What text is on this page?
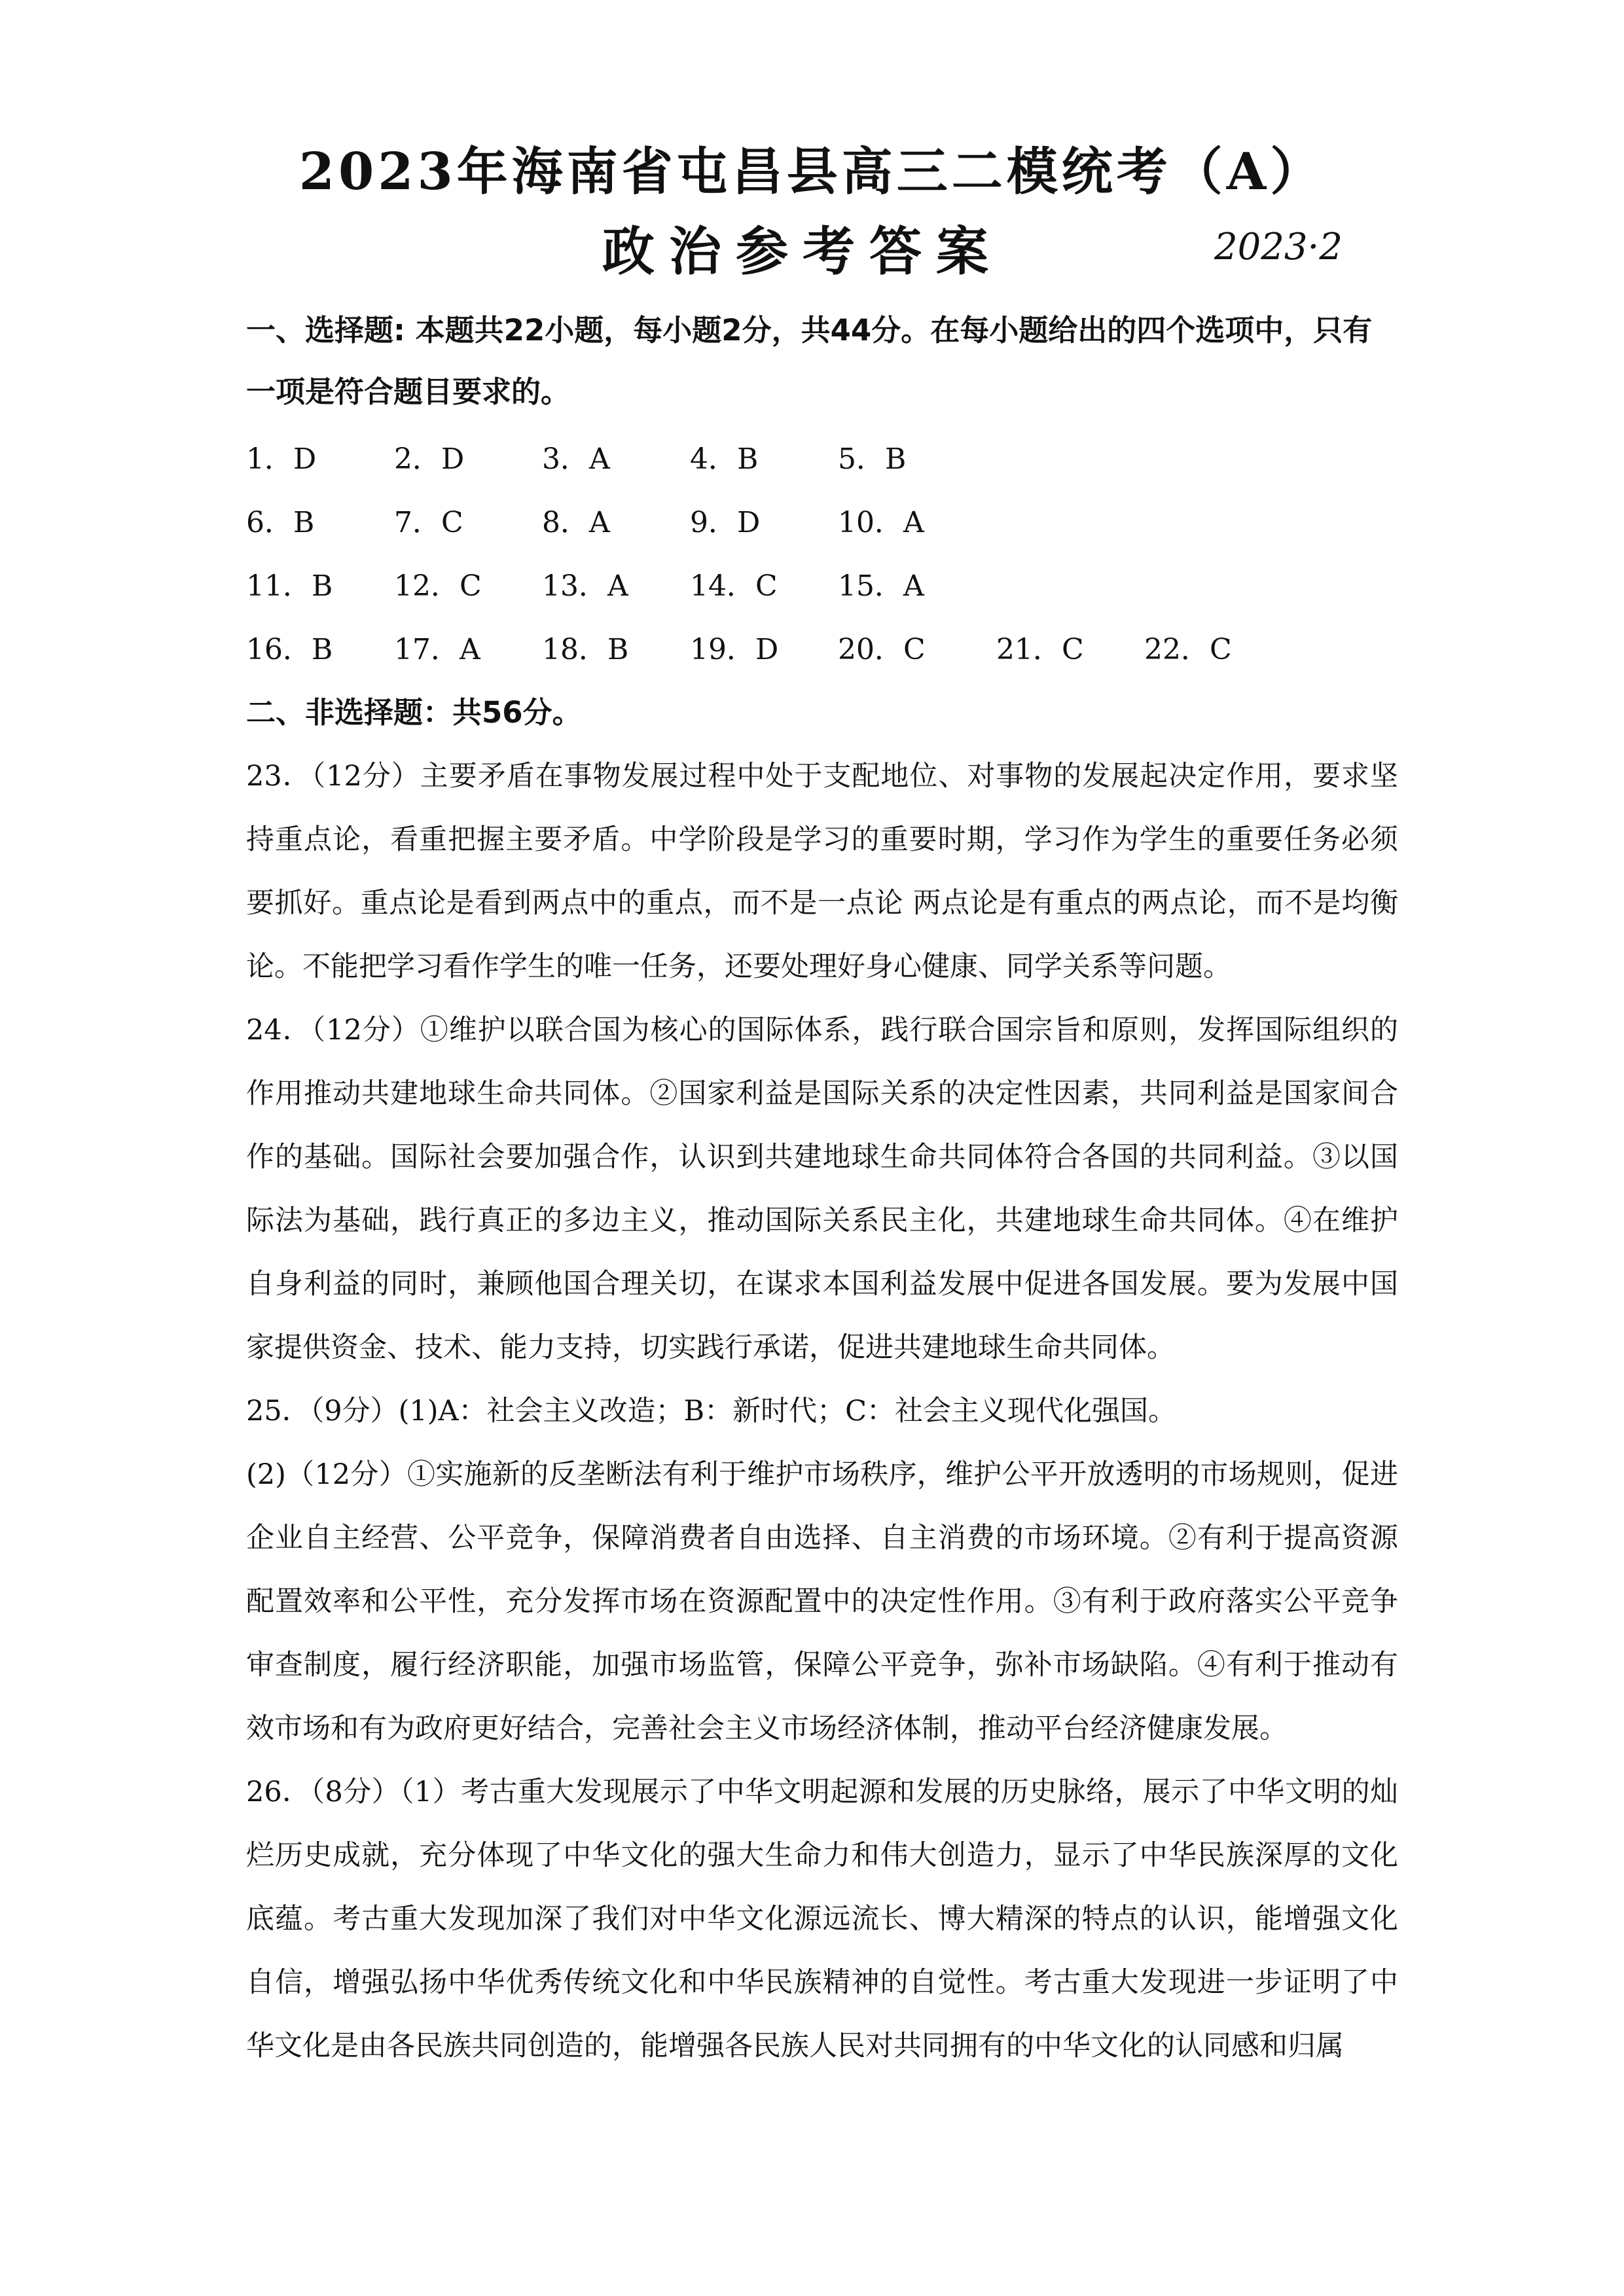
2023年海南省屯昌县高三二模统考（A）
政治参考答案	2023·2
一、选择题: 本题共22小题，每小题2分，共44分。在每小题给出的四个选项中，只有一项是符合题目要求的。
1．D	2．D	3．A	4．B	5．B
6．B	7．C	8．A	9．D	10．A
11．B 12．C 13．A 14．C 15．A
16．B 17．A 18．B 19．D 20．C 21．C 22．C
二、非选择题：共56分。

23．（12分）主要矛盾在事物发展过程中处于支配地位、对事物的发展起决定作用，要求坚持重点论，看重把握主要矛盾。中学阶段是学习的重要时期，学习作为学生的重要任务必须要抓好。重点论是看到两点中的重点，而不是一点论 两点论是有重点的两点论，而不是均衡论。不能把学习看作学生的唯一任务，还要处理好身心健康、同学关系等问题。

24．（12分）①维护以联合国为核心的国际体系，践行联合国宗旨和原则，发挥国际组织的作用推动共建地球生命共同体。②国家利益是国际关系的决定性因素，共同利益是国家间合作的基础。国际社会要加强合作，认识到共建地球生命共同体符合各国的共同利益。③以国际法为基础，践行真正的多边主义，推动国际关系民主化，共建地球生命共同体。④在维护自身利益的同时，兼顾他国合理关切，在谋求本国利益发展中促进各国发展。要为发展中国家提供资金、技术、能力支持，切实践行承诺，促进共建地球生命共同体。

25．（9分）(1)A：社会主义改造；B：新时代；C：社会主义现代化强国。

(2)（12分）①实施新的反垄断法有利于维护市场秩序，维护公平开放透明的市场规则，促进企业自主经营、公平竞争，保障消费者自由选择、自主消费的市场环境。②有利于提高资源配置效率和公平性，充分发挥市场在资源配置中的决定性作用。③有利于政府落实公平竞争审查制度，履行经济职能，加强市场监管，保障公平竞争，弥补市场缺陷。④有利于推动有效市场和有为政府更好结合，完善社会主义市场经济体制，推动平台经济健康发展。

26．（8分）（1）考古重大发现展示了中华文明起源和发展的历史脉络，展示了中华文明的灿烂历史成就，充分体现了中华文化的强大生命力和伟大创造力，显示了中华民族深厚的文化底蕴。考古重大发现加深了我们对中华文化源远流长、博大精深的特点的认识，能增强文化自信，增强弘扬中华优秀传统文化和中华民族精神的自觉性。考古重大发现进一步证明了中华文化是由各民族共同创造的，能增强各民族人民对共同拥有的中华文化的认同感和归属
